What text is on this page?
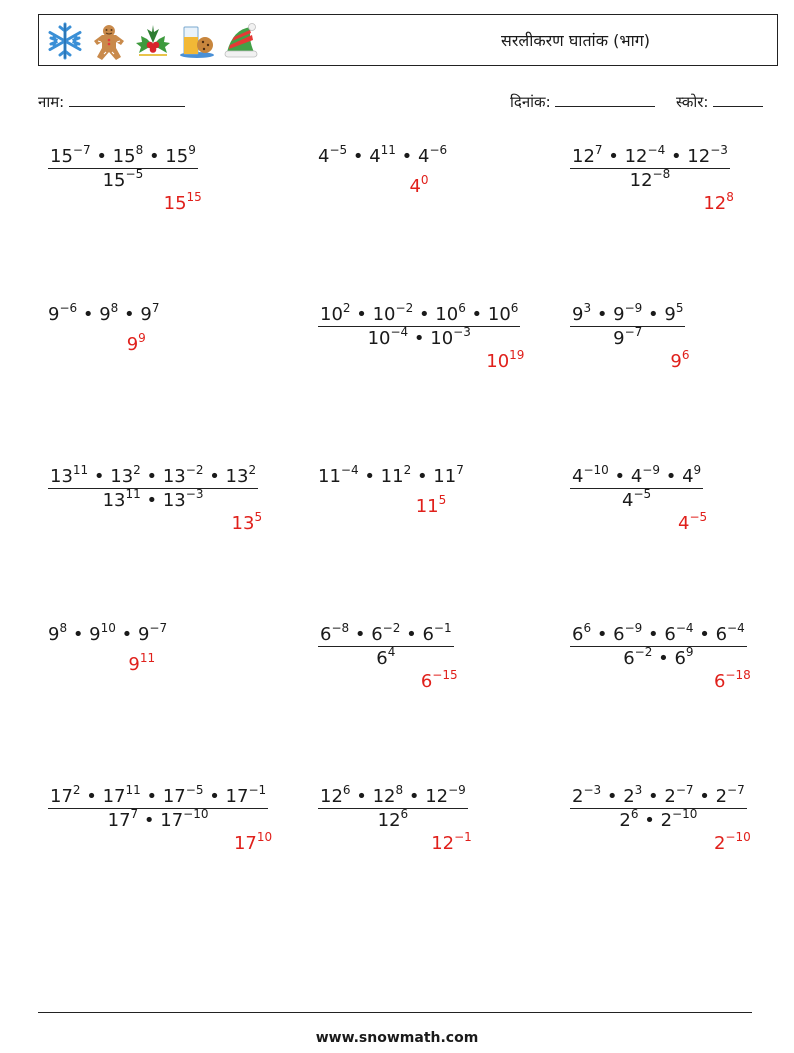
सरलीकरण घातांक (भाग)
नाम:	दिनांक:	स्कोर:
$\frac{15^{-7} • 15^8 • 15^9}{15^{-5}}$
$15^{15}$
$4^{-5}$ • $4^{11}$ • $4^{-6}$
$4^0$	$\frac{12^7 • 12^{-4} • 12^{-3}}{12^{-8}}$
$12^8$
$9^{-6}$ • $9^8$ • $9^7$
$9^9$	$\frac{10^2 • 10^{-2} • 10^6 • 10^6}{10^{-4} • 10^{-3}}$
$10^{19}$
$\frac{9^3 • 9^{-9} • 9^5}{9^{-7}}$
$9^6$
$\frac{13^{11} • 13^2 • 13^{-2} • 13^2}{13^{11} • 13^{-3}}$
$13^5$
$11^{-4}$ • $11^2$ • $11^7$
$11^5$	$\frac{4^{-10} • 4^{-9} • 4^9}{4^{-5}}$
$4^{-5}$
$9^8$ • $9^{10}$ • $9^{-7}$
$9^{11}$	$\frac{6^{-8} • 6^{-2} • 6^{-1}}{6^4}$
$6^{-15}$
$\frac{6^6 • 6^{-9} • 6^{-4} • 6^{-4}}{6^{-2} • 6^9}$
$6^{-18}$
$\frac{17^2 • 17^{11} • 17^{-5} • 17^{-1}}{17^7 • 17^{-10}}$
$17^{10}$
$\frac{12^6 • 12^8 • 12^{-9}}{12^6}$
$12^{-1}$
$\frac{2^{-3} • 2^3 • 2^{-7} • 2^{-7}}{2^6 • 2^{-10}}$
$2^{-10}$
www.snowmath.com
